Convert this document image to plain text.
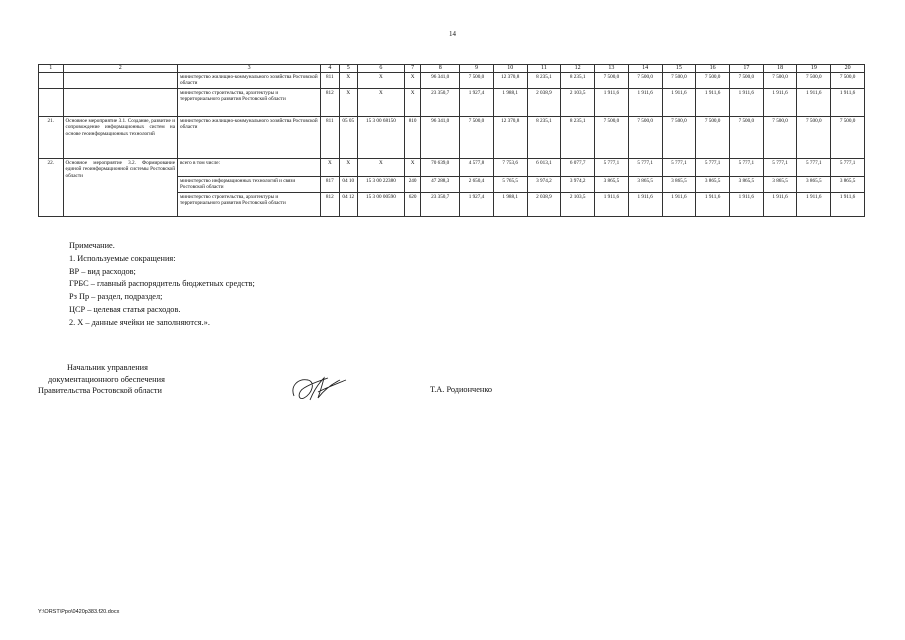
14
1	2	3	4	5	6	7	8	9	10	11	12	13	14	15	16	17	18	19	20
		министерство жилищно-коммунального хозяйства Ростовской области	811	Х	Х	Х	96 341,0	7 500,0	12 370,8	8 235,1	8 235,1	7 500,0	7 500,0	7 500,0	7 500,0	7 500,0	7 500,0	7 500,0	7 500,0
		министерство строительства, архитектуры и территориального развития Ростовской области	812	Х	Х	Х	23 350,7	1 927,4	1 988,1	2 038,9	2 103,5	1 911,6	1 911,6	1 911,6	1 911,6	1 911,6	1 911,6	1 911,6	1 911,6
21.	Основное мероприятие 3.1. Создание, развитие и сопровождение информационных систем на основе геоинформационных технологий	министерство жилищно-коммунального хозяйства Ростовской области	811	05 05	15 3 00 68150	810	96 341,0	7 500,0	12 370,8	8 235,1	8 235,1	7 500,0	7 500,0	7 500,0	7 500,0	7 500,0	7 500,0	7 500,0	7 500,0
22.	Основное мероприятие 3.2. Формирование единой геоинформационной системы Ростовской области	всего в том числе:	Х	Х	Х	Х	70 639,0	4 577,8	7 753,6	6 013,1	6 077,7	5 777,1	5 777,1	5 777,1	5 777,1	5 777,1	5 777,1	5 777,1	5 777,1
		министерство информационных технологий и связи Ростовской области	817	04 10	15 3 00 22380	240	47 288,3	2 650,4	5 765,5	3 974,2	3 974,2	3 865,5	3 865,5	3 865,5	3 865,5	3 865,5	3 865,5	3 865,5	3 865,5
		министерство строительства, архитектуры и территориального развития Ростовской области	812	04 12	15 3 00 00590	620	23 350,7	1 927,4	1 988,1	2 038,9	2 103,5	1 911,6	1 911,6	1 911,6	1 911,6	1 911,6	1 911,6	1 911,6	1 911,6
Примечание.
1. Используемые сокращения:
ВР – вид расходов;
ГРБС – главный распорядитель бюджетных средств;
Рз Пр – раздел, подраздел;
ЦСР – целевая статья расходов.
2. Х – данные ячейки не заполняются.».
Начальник управления
документационного обеспечения
Правительства Ростовской области	Т.А. Родионченко
Y:\ORST\Ppo\0420p383.f20.docx
